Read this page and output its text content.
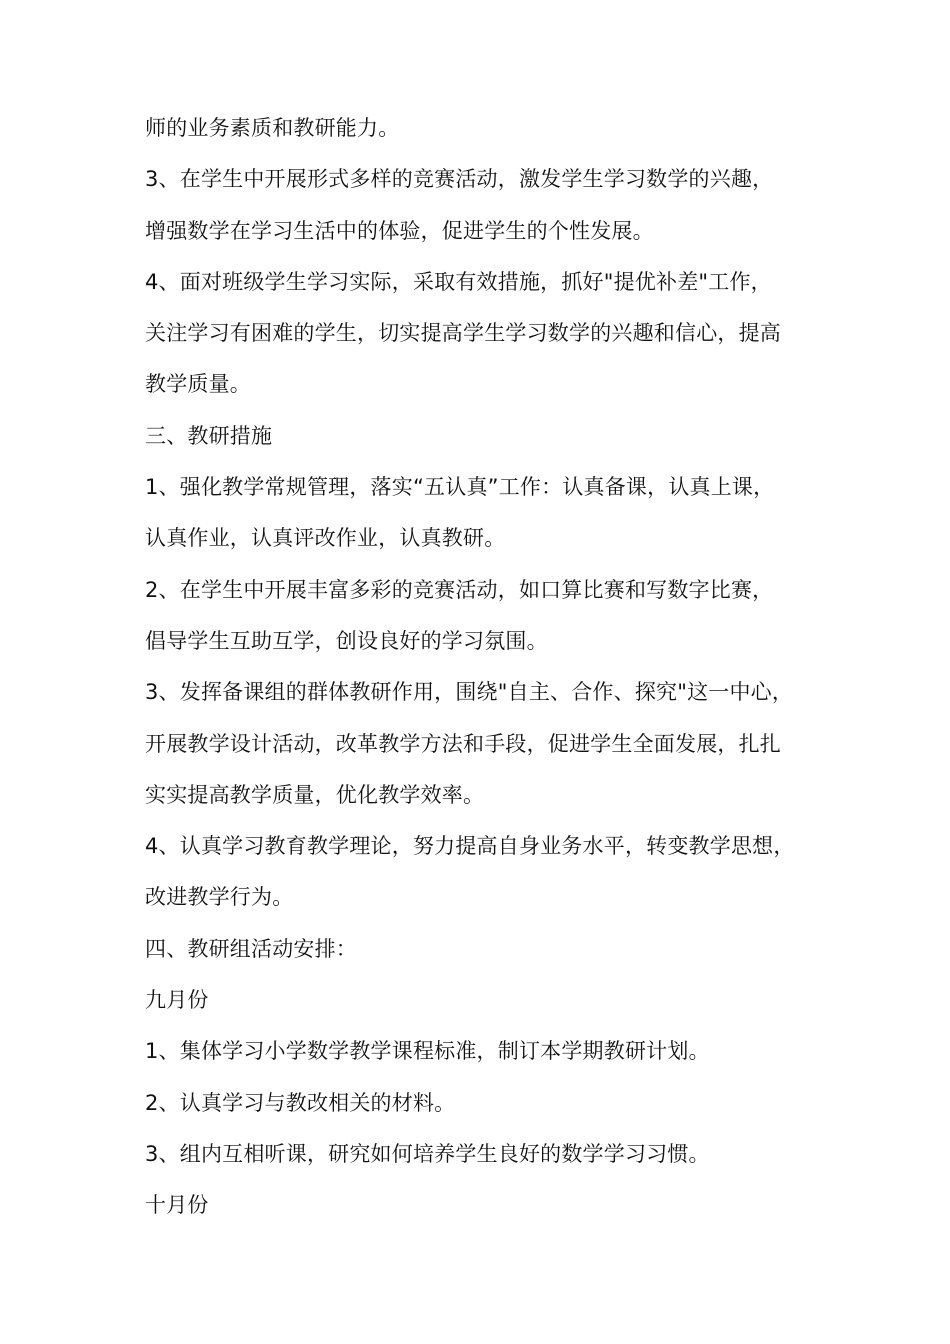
师的业务素质和教研能力。
3、在学生中开展形式多样的竞赛活动，激发学生学习数学的兴趣，
增强数学在学习生活中的体验，促进学生的个性发展。
4、面对班级学生学习实际，采取有效措施，抓好"提优补差"工作，
关注学习有困难的学生，切实提高学生学习数学的兴趣和信心，提高
教学质量。
三、教研措施
1、强化教学常规管理，落实“五认真”工作：认真备课，认真上课，
认真作业，认真评改作业，认真教研。
2、在学生中开展丰富多彩的竞赛活动，如口算比赛和写数字比赛，
倡导学生互助互学，创设良好的学习氛围。
3、发挥备课组的群体教研作用，围绕"自主、合作、探究"这一中心，
开展教学设计活动，改革教学方法和手段，促进学生全面发展，扎扎
实实提高教学质量，优化教学效率。
4、认真学习教育教学理论，努力提高自身业务水平，转变教学思想，
改进教学行为。
四、教研组活动安排：
九月份
1、集体学习小学数学教学课程标准，制订本学期教研计划。
2、认真学习与教改相关的材料。
3、组内互相听课，研究如何培养学生良好的数学学习习惯。
十月份
